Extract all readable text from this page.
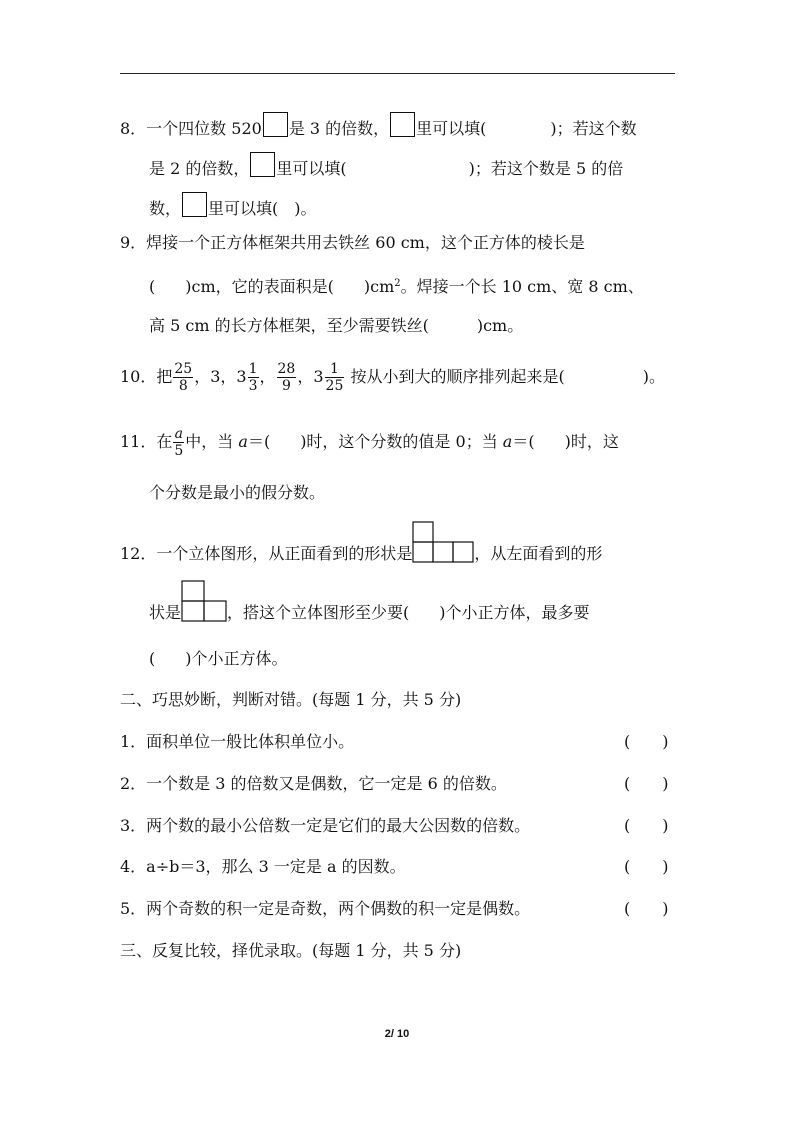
8．一个四位数 520 是 3 的倍数， 里可以填(	)；若这个数
是 2 的倍数， 里可以填(	)；若这个数是 5 的倍
数， 里可以填( )。
9．焊接一个正方体框架共用去铁丝 60 cm，这个正方体的棱长是
( )cm，它的表面积是( )$cm^2$。焊接一个长 10 cm、宽 8 cm、
高 5 cm 的长方体框架，至少需要铁丝(	)cm。
10．把 $\frac{25}{8}$ ，3，$3 \frac{1}{3}$ ， $\frac{28}{9}$ ，$3 \frac{1}{25}$ 按从小到大的顺序排列起来是(	)。
11．在 $\frac{a}{5}$ 中，当 a＝( )时，这个分数的值是 0；当 a＝( )时，这
个分数是最小的假分数。
12．一个立体图形，从正面看到的形状是	，从左面看到的形
状是	，搭这个立体图形至少要( )个小正方体，最多要
( )个小正方体。
二、巧思妙断，判断对错。(每题 1 分，共 5 分)
1．面积单位一般比体积单位小。	(　　)
2．一个数是 3 的倍数又是偶数，它一定是 6 的倍数。	(　　)
3．两个数的最小公倍数一定是它们的最大公因数的倍数。	(　　)
4．a÷b＝3，那么 3 一定是 a 的因数。	(　　)
5．两个奇数的积一定是奇数，两个偶数的积一定是偶数。	(　　)
三、反复比较，择优录取。(每题 1 分，共 5 分)
2/ 10
